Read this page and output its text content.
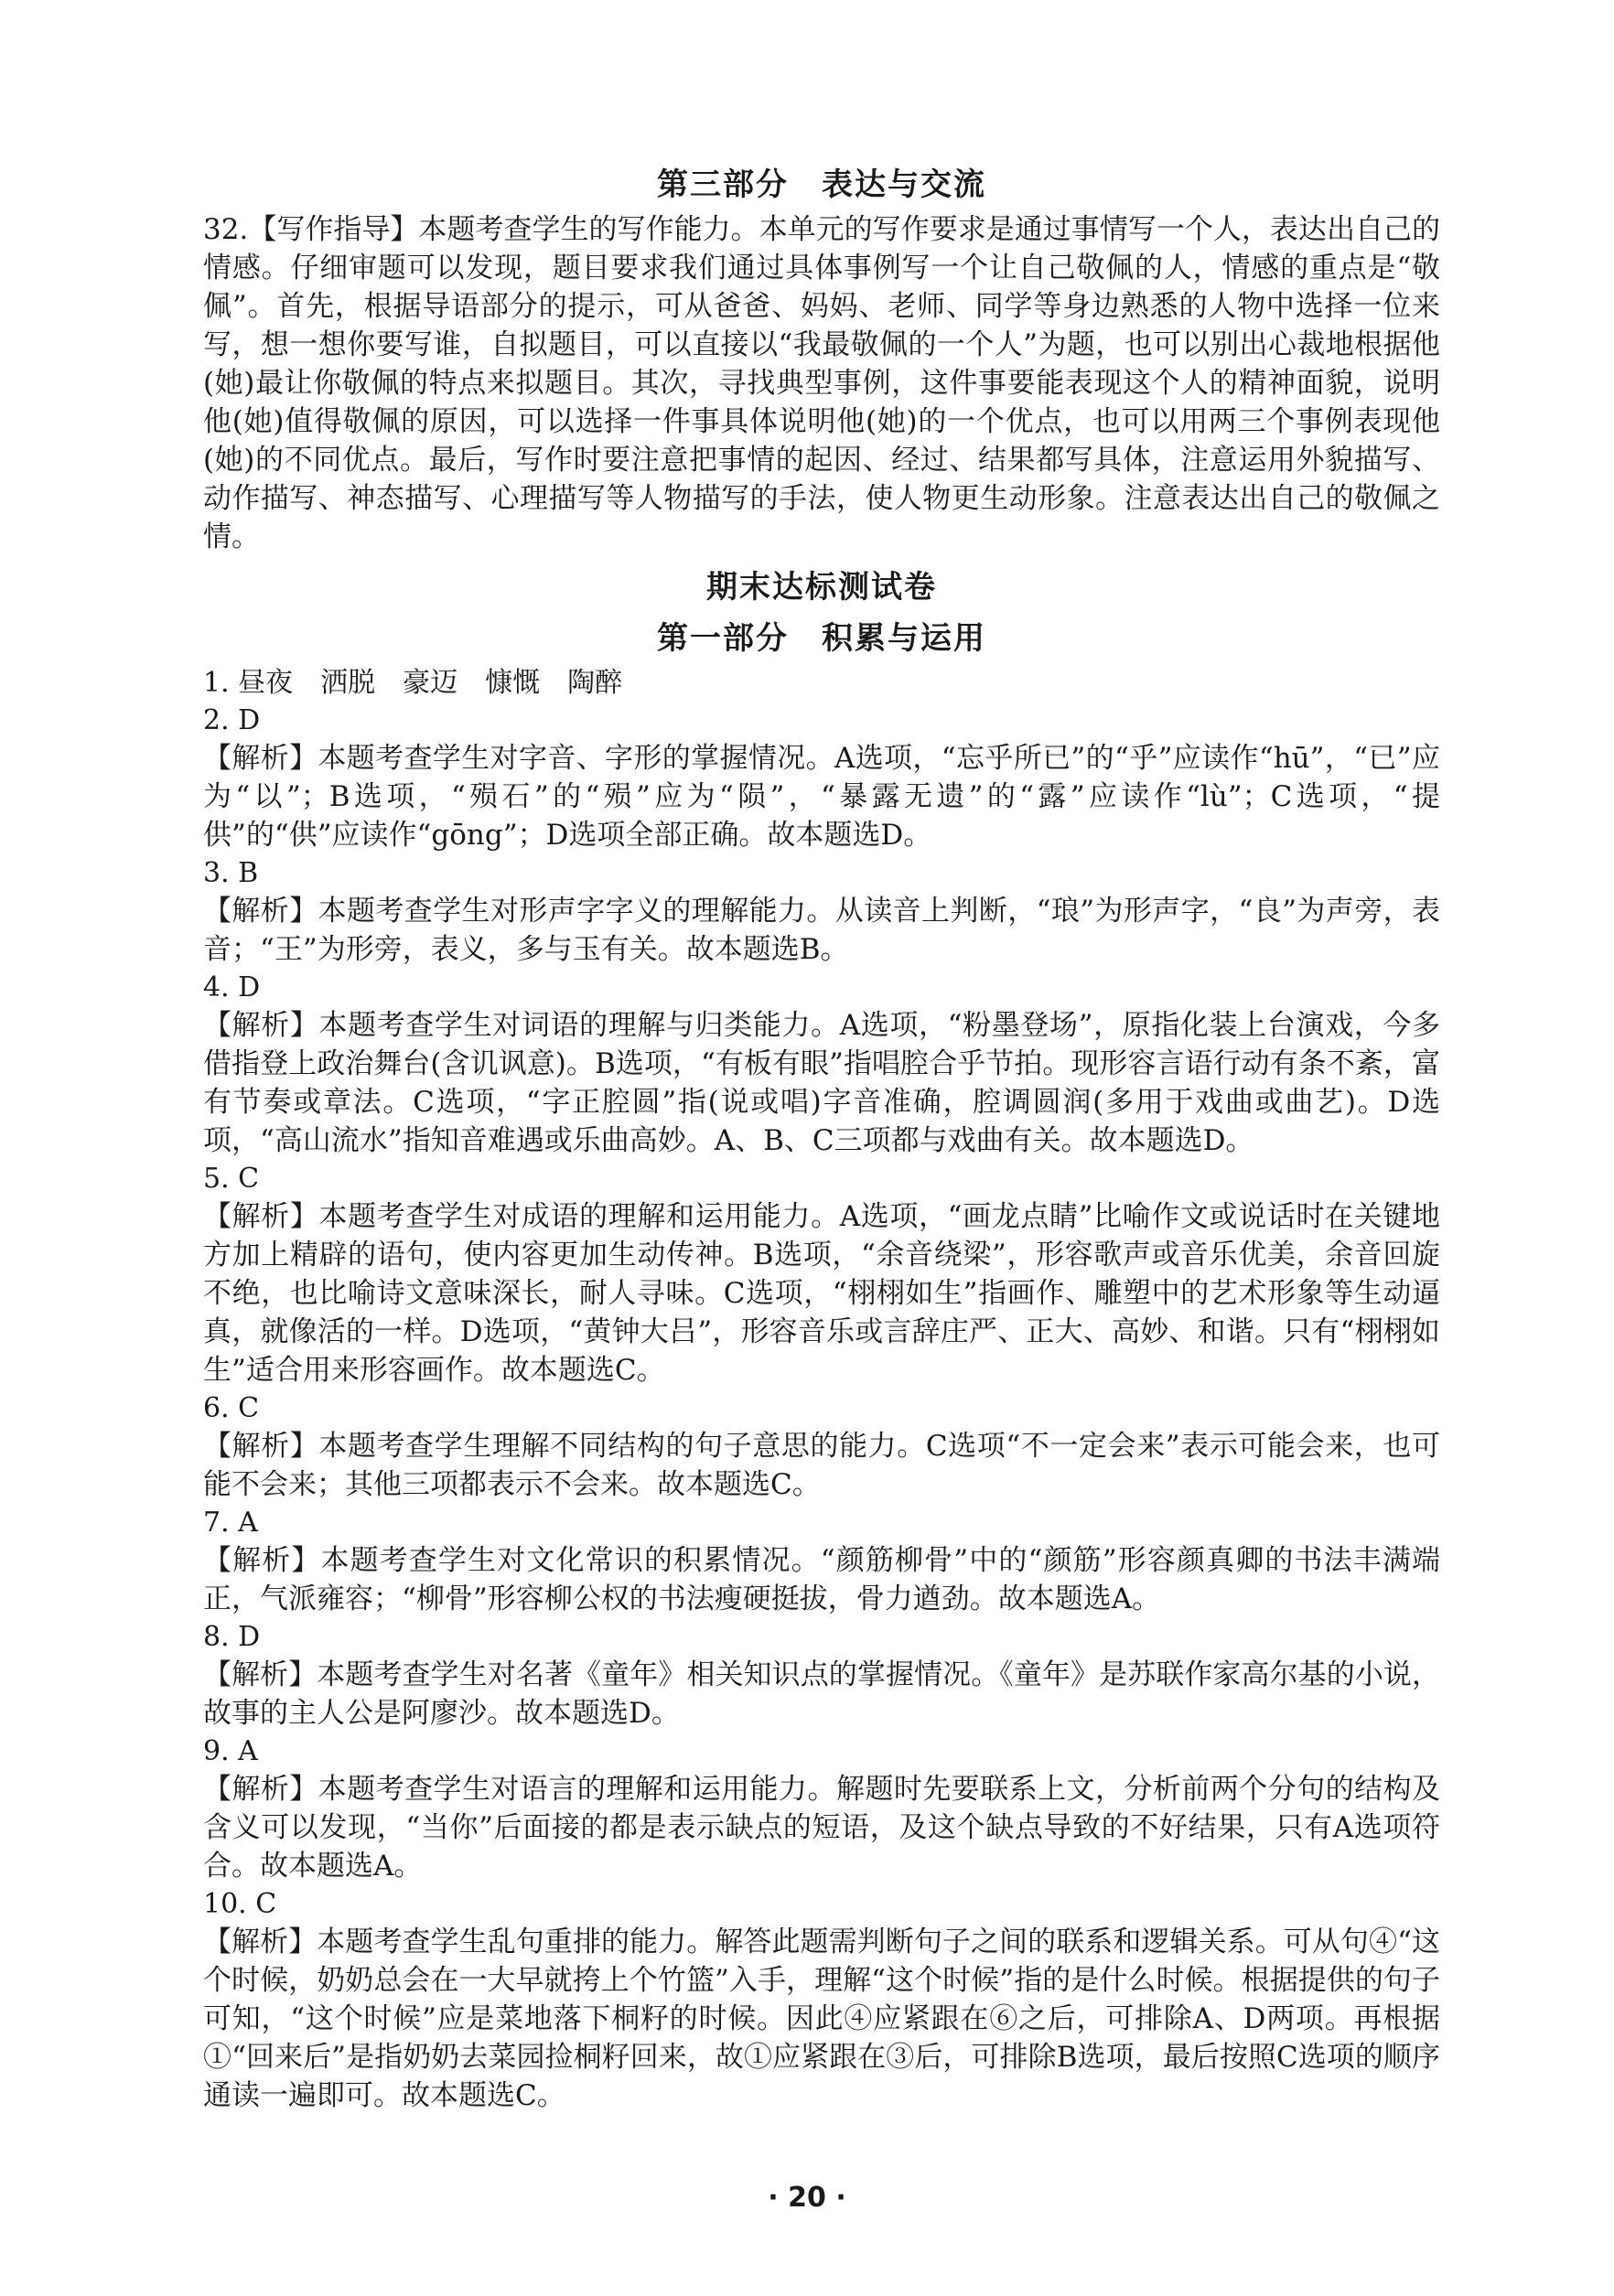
第三部分　表达与交流

32.【写作指导】本题考查学生的写作能力。本单元的写作要求是通过事情写一个人，表达出自己的情感。仔细审题可以发现，题目要求我们通过具体事例写一个让自己敬佩的人，情感的重点是“敬佩”。首先，根据导语部分的提示，可从爸爸、妈妈、老师、同学等身边熟悉的人物中选择一位来写，想一想你要写谁，自拟题目，可以直接以“我最敬佩的一个人”为题，也可以别出心裁地根据他(她)最让你敬佩的特点来拟题目。其次，寻找典型事例，这件事要能表现这个人的精神面貌，说明他(她)值得敬佩的原因，可以选择一件事具体说明他(她)的一个优点，也可以用两三个事例表现他(她)的不同优点。最后，写作时要注意把事情的起因、经过、结果都写具体，注意运用外貌描写、动作描写、神态描写、心理描写等人物描写的手法，使人物更生动形象。注意表达出自己的敬佩之情。

期末达标测试卷
第一部分　积累与运用

1. 昼夜　洒脱　豪迈　慷慨　陶醉

2. D

【解析】本题考查学生对字音、字形的掌握情况。A选项，“忘乎所已”的“乎”应读作“hū”，“已”应为“以”；B选项，“殒石”的“殒”应为“陨”，“暴露无遗”的“露”应读作“lù”；C选项，“提供”的“供”应读作“gōng”；D选项全部正确。故本题选D。

3. B

【解析】本题考查学生对形声字字义的理解能力。从读音上判断，“琅”为形声字，“良”为声旁，表音；“王”为形旁，表义，多与玉有关。故本题选B。

4. D

【解析】本题考查学生对词语的理解与归类能力。A选项，“粉墨登场”，原指化装上台演戏，今多借指登上政治舞台(含讥讽意)。B选项，“有板有眼”指唱腔合乎节拍。现形容言语行动有条不紊，富有节奏或章法。C选项，“字正腔圆”指(说或唱)字音准确，腔调圆润(多用于戏曲或曲艺)。D选项，“高山流水”指知音难遇或乐曲高妙。A、B、C三项都与戏曲有关。故本题选D。

5. C

【解析】本题考查学生对成语的理解和运用能力。A选项，“画龙点睛”比喻作文或说话时在关键地方加上精辟的语句，使内容更加生动传神。B选项，“余音绕梁”，形容歌声或音乐优美，余音回旋不绝，也比喻诗文意味深长，耐人寻味。C选项，“栩栩如生”指画作、雕塑中的艺术形象等生动逼真，就像活的一样。D选项，“黄钟大吕”，形容音乐或言辞庄严、正大、高妙、和谐。只有“栩栩如生”适合用来形容画作。故本题选C。

6. C

【解析】本题考查学生理解不同结构的句子意思的能力。C选项“不一定会来”表示可能会来，也可能不会来；其他三项都表示不会来。故本题选C。

7. A

【解析】本题考查学生对文化常识的积累情况。“颜筋柳骨”中的“颜筋”形容颜真卿的书法丰满端正，气派雍容；“柳骨”形容柳公权的书法瘦硬挺拔，骨力遒劲。故本题选A。

8. D

【解析】本题考查学生对名著《童年》相关知识点的掌握情况。《童年》是苏联作家高尔基的小说，故事的主人公是阿廖沙。故本题选D。

9. A

【解析】本题考查学生对语言的理解和运用能力。解题时先要联系上文，分析前两个分句的结构及含义可以发现，“当你”后面接的都是表示缺点的短语，及这个缺点导致的不好结果，只有A选项符合。故本题选A。

10. C

【解析】本题考查学生乱句重排的能力。解答此题需判断句子之间的联系和逻辑关系。可从句④“这个时候，奶奶总会在一大早就挎上个竹篮”入手，理解“这个时候”指的是什么时候。根据提供的句子可知，“这个时候”应是菜地落下桐籽的时候。因此④应紧跟在⑥之后，可排除A、D两项。再根据①“回来后”是指奶奶去菜园捡桐籽回来，故①应紧跟在③后，可排除B选项，最后按照C选项的顺序通读一遍即可。故本题选C。

· 20 ·
